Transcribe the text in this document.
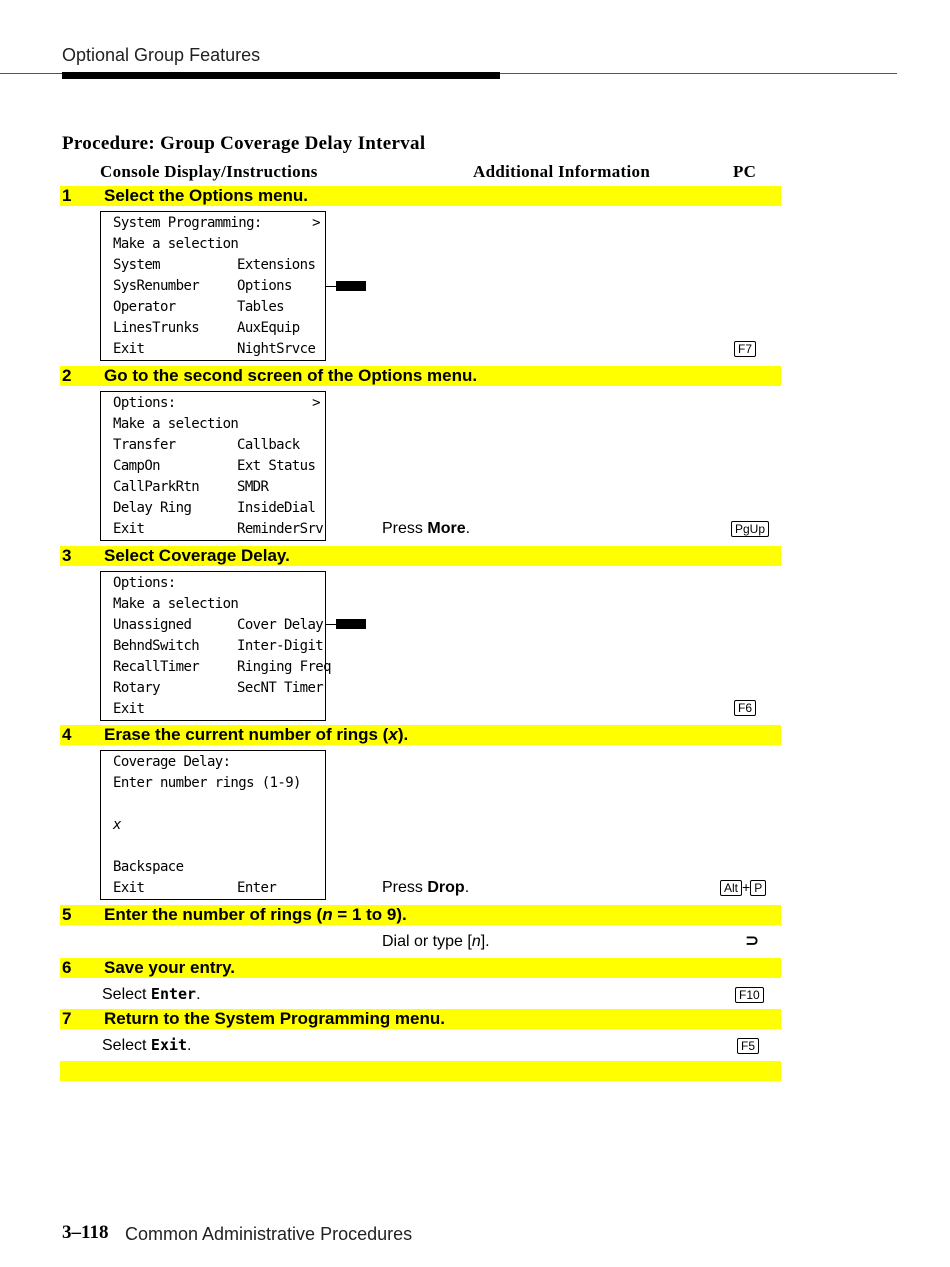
Optional Group Features
Procedure: Group Coverage Delay Interval
Console Display/Instructions	Additional Information	PC
1 Select the Options menu.
System Programming:	>
Make a selection
System	Extensions
SysRenumber	Options
Operator	Tables
LinesTrunks	AuxEquip
Exit	NightSrvce	F7
2 Go to the second screen of the Options menu.
Options:	>
Make a selection
Transfer	Callback
CampOn	Ext Status
CallParkRtn	SMDR
Delay Ring	InsideDial
Exit	ReminderSrv	Press More.	PgUp
3 Select Coverage Delay.
Options:
Make a selection
Unassigned	Cover Delay
BehndSwitch	Inter-Digit
RecallTimer	Ringing Freq
Rotary	SecNT Timer
Exit	F6
4 Erase the current number of rings (x).
Coverage Delay:
Enter number rings (1-9)
x
Backspace
Exit	Enter	Press Drop.	Alt + P
5 Enter the number of rings (n = 1 to 9).
Dial or type [n].	⊃
6 Save your entry.
Select Enter.	F10
7 Return to the System Programming menu.
Select Exit.	F5
3–118 Common Administrative Procedures
